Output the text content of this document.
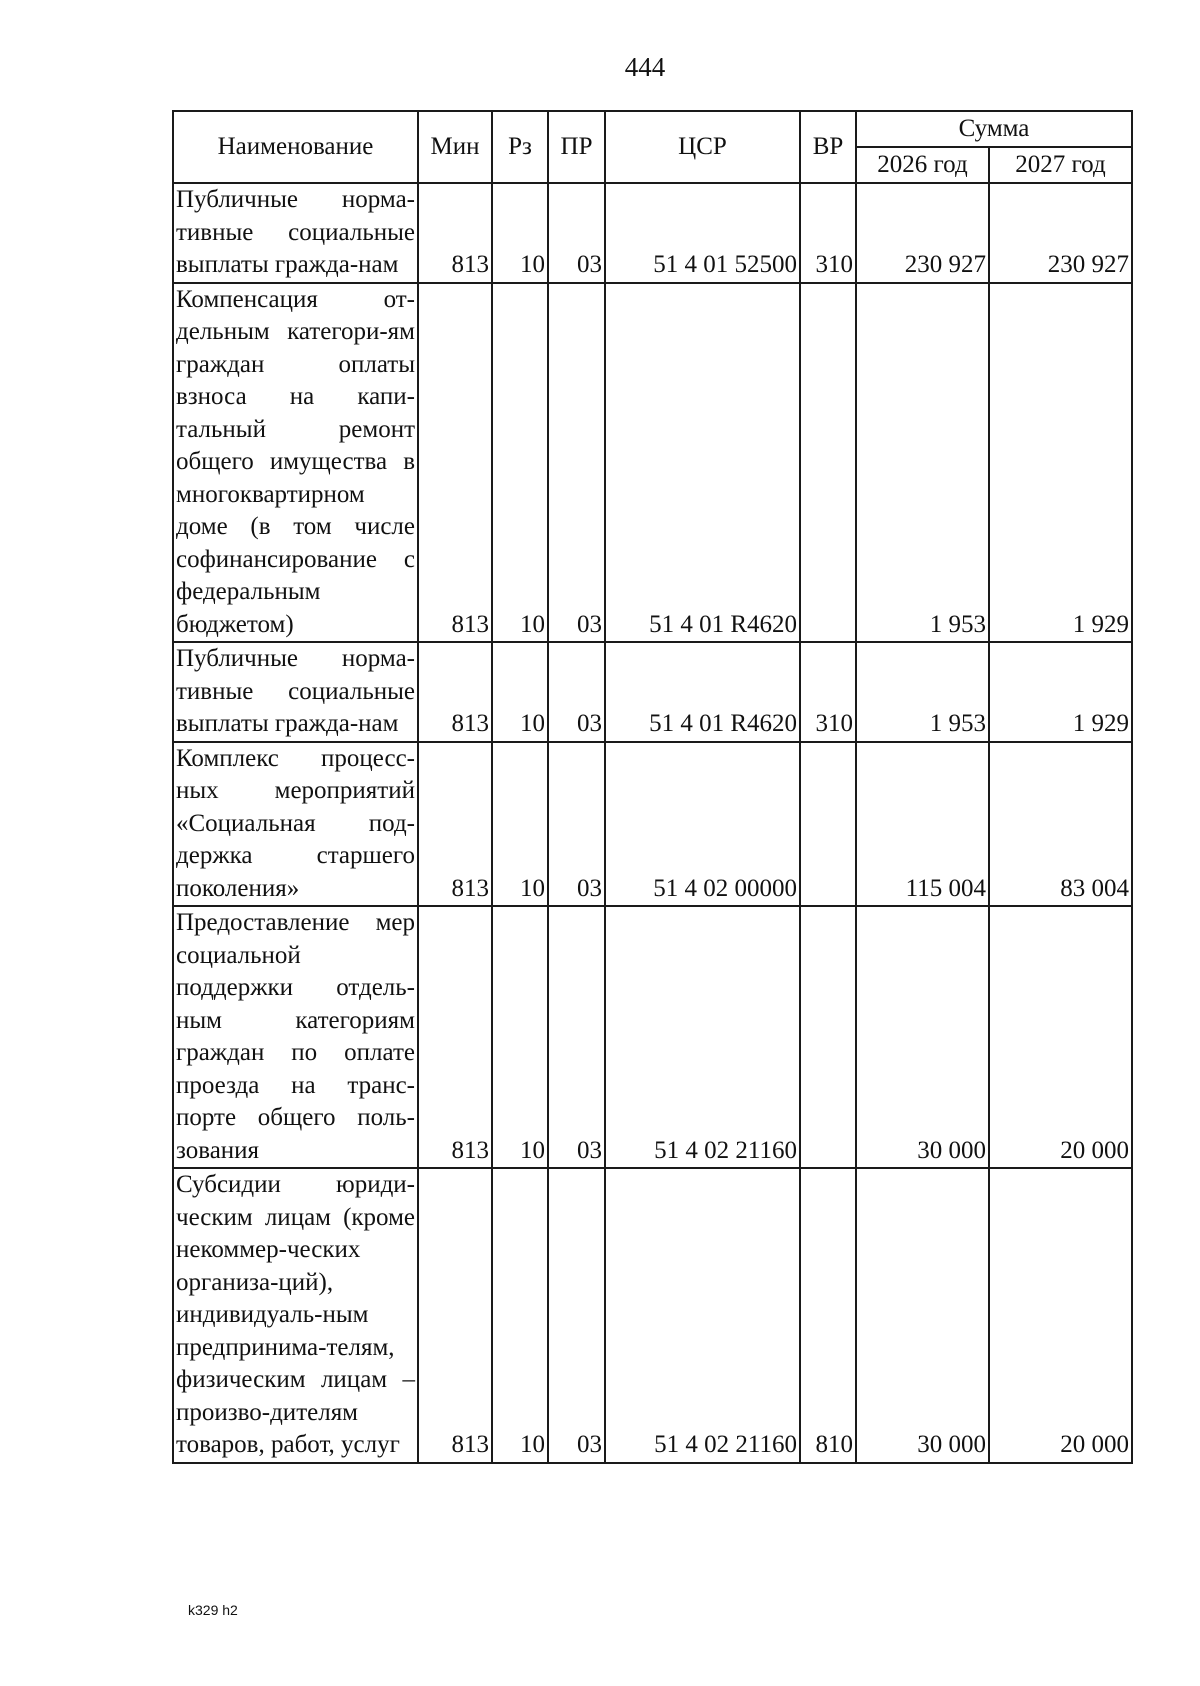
444
Наименование	Мин	Рз	ПР	ЦСР	ВР	Сумма	
						2026 год	2027 год
Публичные норма-тивные социальные выплаты гражда-нам	813	10	03	51 4 01 52500	310	230 927	230 927
Компенсация от-дельным категори-ям граждан оплаты взноса на капи-тальный ремонт общего имущества в многоквартирном доме (в том числе софинансирование с федеральным бюджетом)	813	10	03	51 4 01 R4620		1 953	1 929
Публичные норма-тивные социальные выплаты гражда-нам	813	10	03	51 4 01 R4620	310	1 953	1 929
Комплекс процесс-ных мероприятий «Социальная под-держка старшего поколения»	813	10	03	51 4 02 00000		115 004	83 004
Предоставление мер социальной поддержки отдель-ным категориям граждан по оплате проезда на транс-порте общего поль-зования	813	10	03	51 4 02 21160		30 000	20 000
Субсидии юриди-ческим лицам (кроме некоммер-ческих организа-ций), индивидуаль-ным предпринима-телям, физическим лицам – произво-дителям товаров, работ, услуг	813	10	03	51 4 02 21160	810	30 000	20 000
k329 h2
